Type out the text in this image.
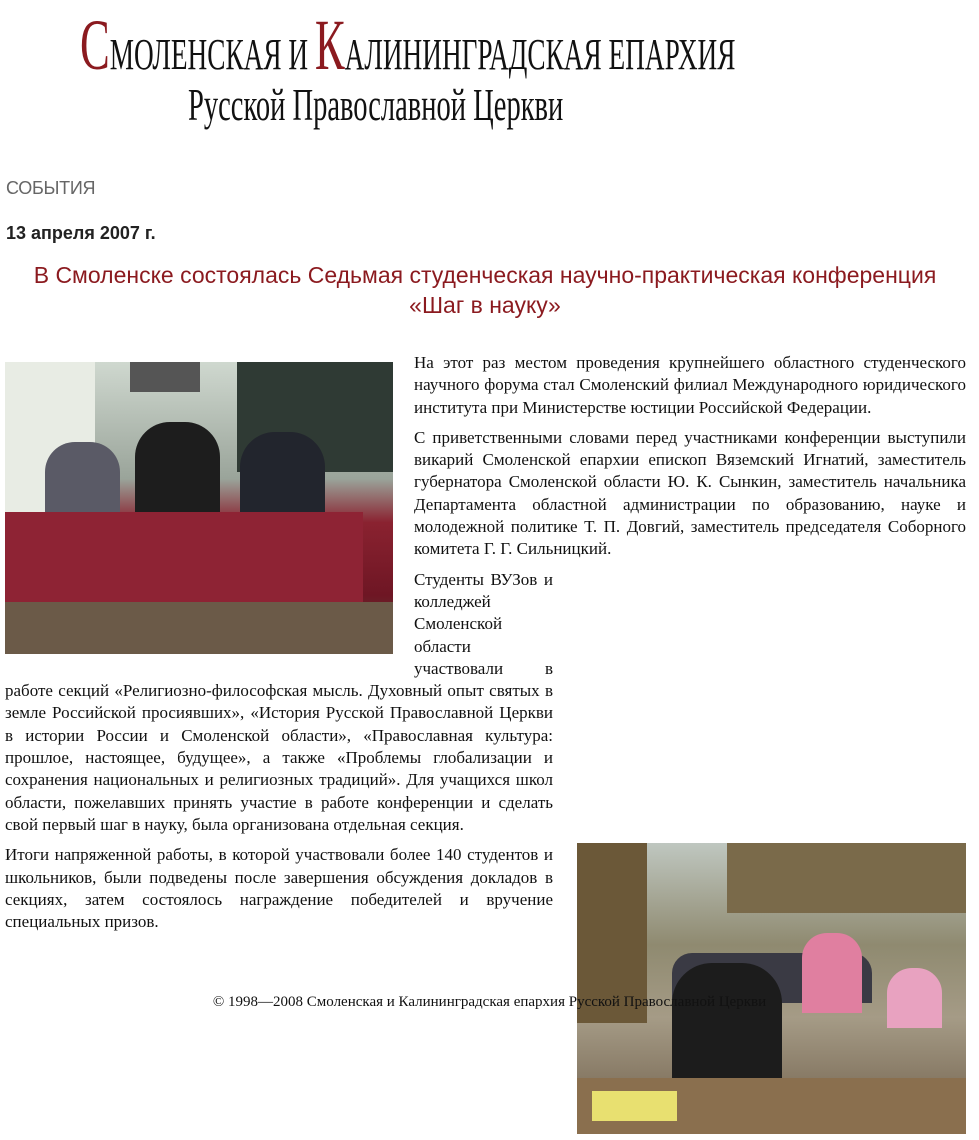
СМОЛЕНСКАЯ И КАЛИНИНГРАДСКАЯ ЕПАРХИЯ
Русской Православной Церкви
СОБЫТИЯ
13 апреля 2007 г.
В Смоленске состоялась Седьмая студенческая научно-практическая конференция «Шаг в науку»

На этот раз местом проведения крупнейшего областного студенческого научного форума стал Смоленский филиал Международного юридического института при Министерстве юстиции Российской Федерации.

С приветственными словами перед участниками конференции выступили викарий Смоленской епархии епископ Вяземский Игнатий, заместитель губернатора Смоленской области Ю. К. Сынкин, заместитель начальника Департамента областной администрации по образованию, науке и молодежной политике Т. П. Довгий, заместитель председателя Соборного комитета Г. Г. Сильницкий.

Студенты ВУЗов и колледжей Смоленской области участвовали в работе секций «Религиозно-философская мысль. Духовный опыт святых в земле Российской просиявших», «История Русской Православной Церкви в истории России и Смоленской области», «Православная культура: прошлое, настоящее, будущее», а также «Проблемы глобализации и сохранения национальных и религиозных традиций». Для учащихся школ области, пожелавших принять участие в работе конференции и сделать свой первый шаг в науку, была организована отдельная секция.

Итоги напряженной работы, в которой участвовали более 140 студентов и школьников, были подведены после завершения обсуждения докладов в секциях, затем состоялось награждение победителей и вручение специальных призов.

© 1998—2008 Смоленская и Калининградская епархия Русской Православной Церкви
